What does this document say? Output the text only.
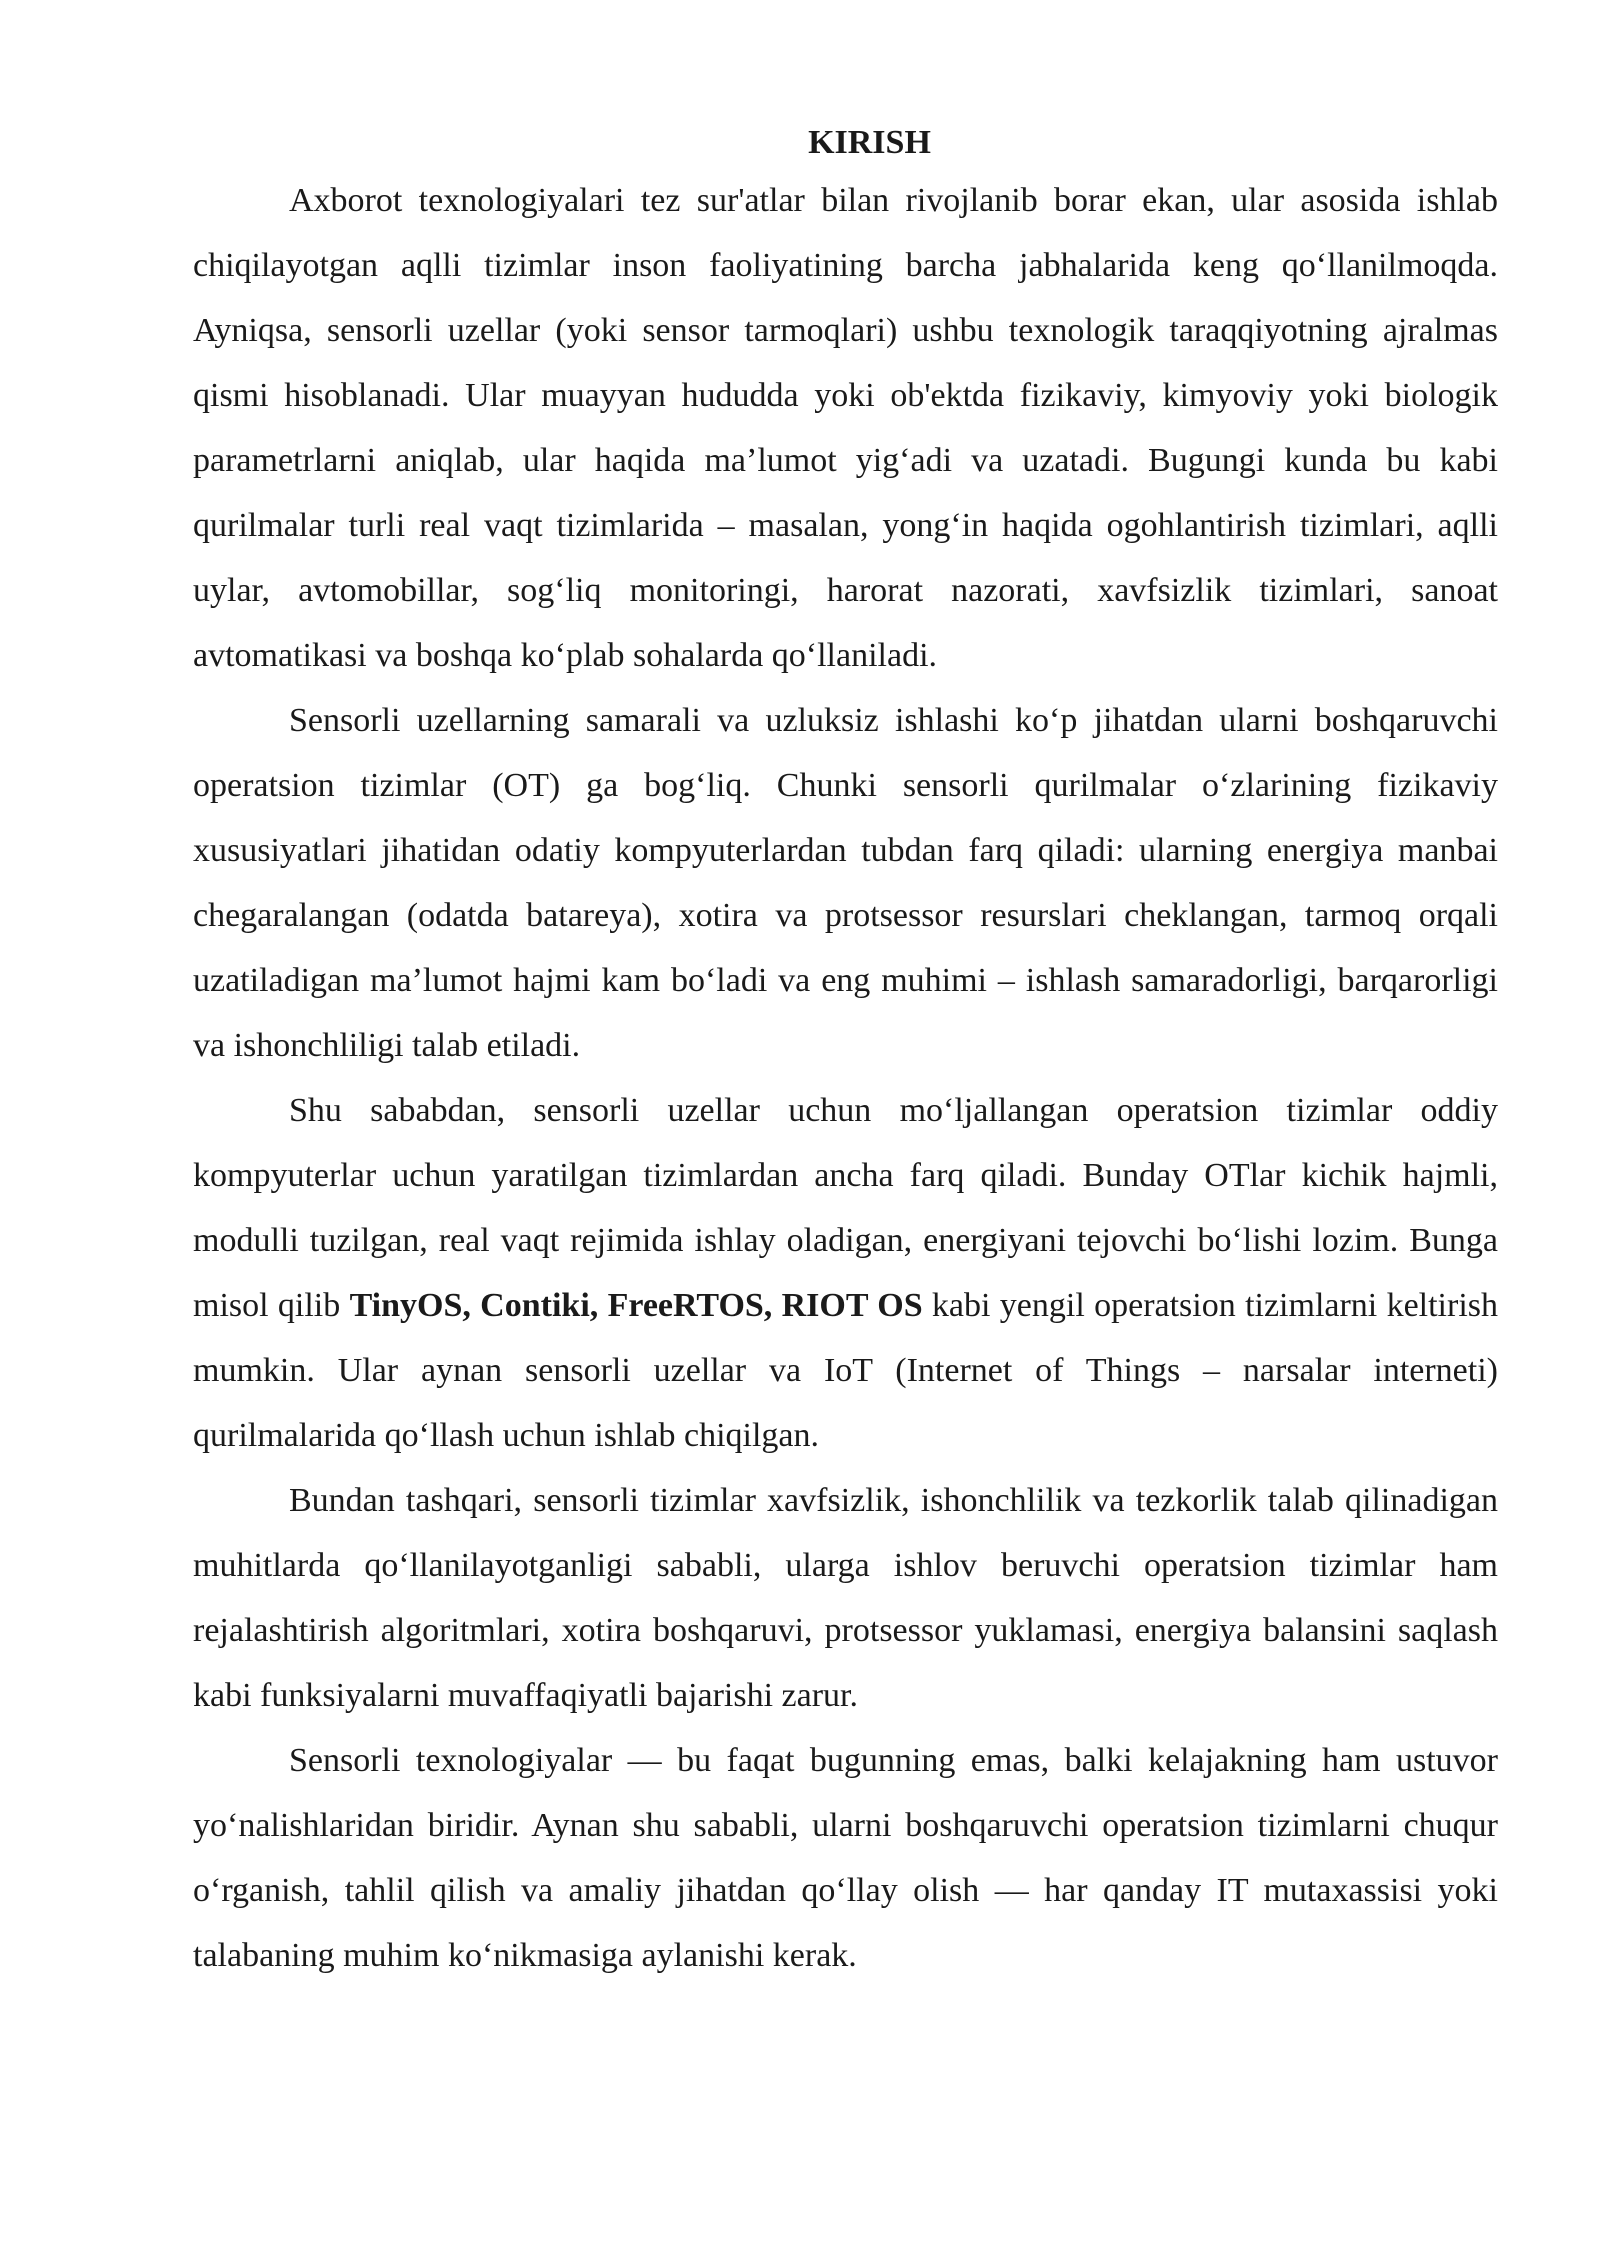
KIRISH

Axborot texnologiyalari tez sur'atlar bilan rivojlanib borar ekan, ular asosida ishlab chiqilayotgan aqlli tizimlar inson faoliyatining barcha jabhalarida keng qo‘llanilmoqda. Ayniqsa, sensorli uzellar (yoki sensor tarmoqlari) ushbu texnologik taraqqiyotning ajralmas qismi hisoblanadi. Ular muayyan hududda yoki ob'ektda fizikaviy, kimyoviy yoki biologik parametrlarni aniqlab, ular haqida ma’lumot yig‘adi va uzatadi. Bugungi kunda bu kabi qurilmalar turli real vaqt tizimlarida – masalan, yong‘in haqida ogohlantirish tizimlari, aqlli uylar, avtomobillar, sog‘liq monitoringi, harorat nazorati, xavfsizlik tizimlari, sanoat avtomatikasi va boshqa ko‘plab sohalarda qo‘llaniladi.

Sensorli uzellarning samarali va uzluksiz ishlashi ko‘p jihatdan ularni boshqaruvchi operatsion tizimlar (OT) ga bog‘liq. Chunki sensorli qurilmalar o‘zlarining fizikaviy xususiyatlari jihatidan odatiy kompyuterlardan tubdan farq qiladi: ularning energiya manbai chegaralangan (odatda batareya), xotira va protsessor resurslari cheklangan, tarmoq orqali uzatiladigan ma’lumot hajmi kam bo‘ladi va eng muhimi – ishlash samaradorligi, barqarorligi va ishonchliligi talab etiladi.

Shu sababdan, sensorli uzellar uchun mo‘ljallangan operatsion tizimlar oddiy kompyuterlar uchun yaratilgan tizimlardan ancha farq qiladi. Bunday OTlar kichik hajmli, modulli tuzilgan, real vaqt rejimida ishlay oladigan, energiyani tejovchi bo‘lishi lozim. Bunga misol qilib TinyOS, Contiki, FreeRTOS, RIOT OS kabi yengil operatsion tizimlarni keltirish mumkin. Ular aynan sensorli uzellar va IoT (Internet of Things – narsalar interneti) qurilmalarida qo‘llash uchun ishlab chiqilgan.

Bundan tashqari, sensorli tizimlar xavfsizlik, ishonchlilik va tezkorlik talab qilinadigan muhitlarda qo‘llanilayotganligi sababli, ularga ishlov beruvchi operatsion tizimlar ham rejalashtirish algoritmlari, xotira boshqaruvi, protsessor yuklamasi, energiya balansini saqlash kabi funksiyalarni muvaffaqiyatli bajarishi zarur.

Sensorli texnologiyalar — bu faqat bugunning emas, balki kelajakning ham ustuvor yo‘nalishlaridan biridir. Aynan shu sababli, ularni boshqaruvchi operatsion tizimlarni chuqur o‘rganish, tahlil qilish va amaliy jihatdan qo‘llay olish — har qanday IT mutaxassisi yoki talabaning muhim ko‘nikmasiga aylanishi kerak.
